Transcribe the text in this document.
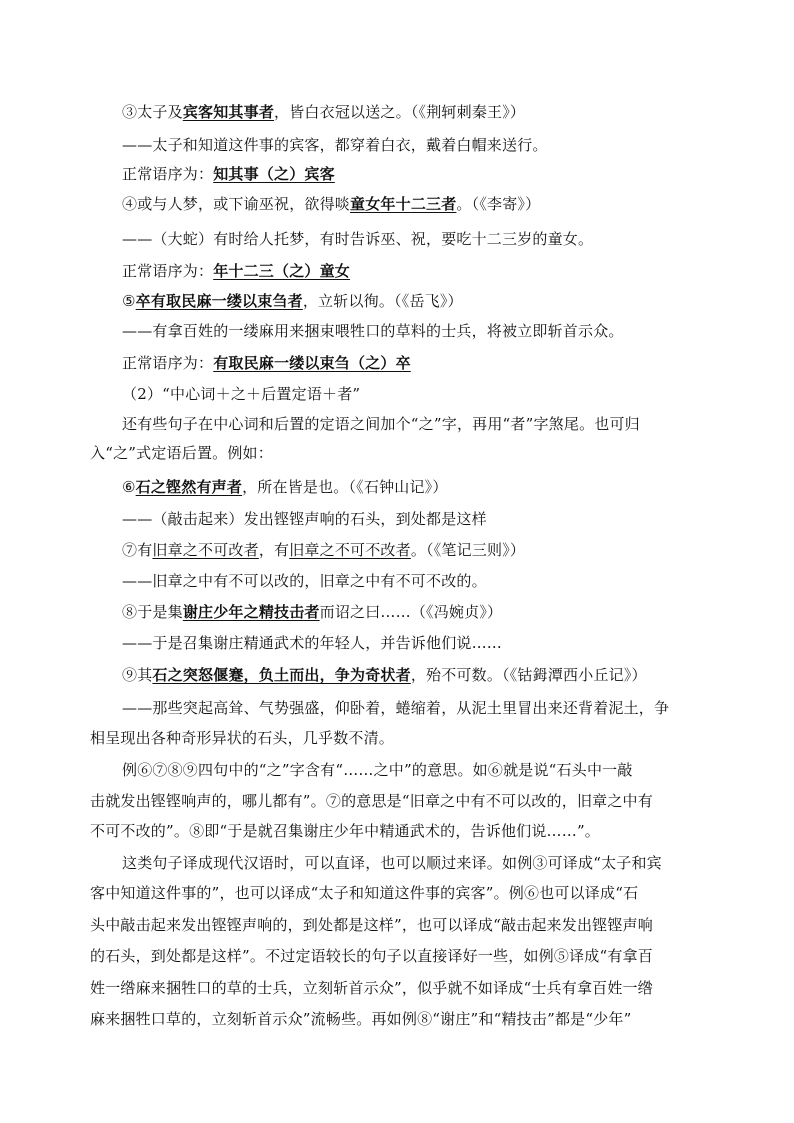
③太子及宾客知其事者，皆白衣冠以送之。（《荆轲刺秦王》）
——太子和知道这件事的宾客，都穿着白衣，戴着白帽来送行。
正常语序为：知其事（之）宾客
④或与人梦，或下谕巫祝，欲得啖童女年十二三者。（《李寄》）
——（大蛇）有时给人托梦，有时告诉巫、祝，要吃十二三岁的童女。
正常语序为：年十二三（之）童女
⑤卒有取民麻一缕以束刍者，立斩以徇。（《岳飞》）
——有拿百姓的一缕麻用来捆束喂牲口的草料的士兵，将被立即斩首示众。
正常语序为：有取民麻一缕以束刍（之）卒
（2）“中心词＋之＋后置定语＋者”
还有些句子在中心词和后置的定语之间加个“之”字，再用“者”字煞尾。也可归
入“之”式定语后置。例如：
⑥石之铿然有声者，所在皆是也。（《石钟山记》）
——（敲击起来）发出铿铿声响的石头，到处都是这样
⑦有旧章之不可改者，有旧章之不可不改者。（《笔记三则》）
——旧章之中有不可以改的，旧章之中有不可不改的。
⑧于是集谢庄少年之精技击者而诏之曰……（《冯婉贞》）
——于是召集谢庄精通武术的年轻人，并告诉他们说……
⑨其石之突怒偃蹇，负土而出，争为奇状者，殆不可数。（《钴鉧潭西小丘记》）
——那些突起高耸、气势强盛，仰卧着，蜷缩着，从泥土里冒出来还背着泥土，争
相呈现出各种奇形异状的石头，几乎数不清。
例⑥⑦⑧⑨四句中的“之”字含有“……之中”的意思。如⑥就是说“石头中一敲
击就发出铿铿响声的，哪儿都有”。⑦的意思是“旧章之中有不可以改的，旧章之中有
不可不改的”。⑧即“于是就召集谢庄少年中精通武术的，告诉他们说……”。
这类句子译成现代汉语时，可以直译，也可以顺过来译。如例③可译成“太子和宾
客中知道这件事的”，也可以译成“太子和知道这件事的宾客”。例⑥也可以译成“石
头中敲击起来发出铿铿声响的，到处都是这样”，也可以译成“敲击起来发出铿铿声响
的石头，到处都是这样”。不过定语较长的句子以直接译好一些，如例⑤译成“有拿百
姓一绺麻来捆牲口的草的士兵，立刻斩首示众”，似乎就不如译成“士兵有拿百姓一绺
麻来捆牲口草的，立刻斩首示众”流畅些。再如例⑧“谢庄”和“精技击”都是“少年”
